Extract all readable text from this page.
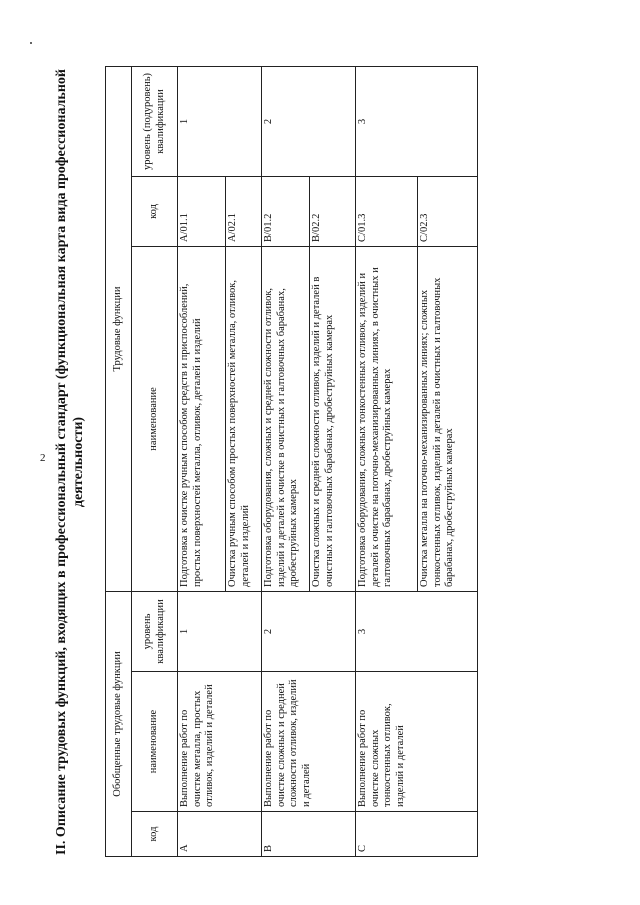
2 II. Описание трудовых функций, входящих в профессиональный стандарт (функциональная карта вида профессиональной деятельности)
Обобщенные трудовые функции			Трудовые функции		
код	наименование	уровень квалификации	наименование	код	уровень (подуровень) квалификации
A	Выполнение работ по очистке металла, простых отливок, изделий и деталей	1	Подготовка к очистке ручным способом средств и приспособлений, простых поверхностей металла, отливок, деталей и изделий	A/01.1	1
			Очистка ручным способом простых поверхностей металла, отливок, деталей и изделий	A/02.1	
B	Выполнение работ по очистке сложных и средней сложности отливок, изделий и деталей	2	Подготовка оборудования, сложных и средней сложности отливок, изделий и деталей к очистке в очистных и галтовочных барабанах, дробеструйных камерах	B/01.2	2
			Очистка сложных и средней сложности отливок, изделий и деталей в очистных и галтовочных барабанах, дробеструйных камерах	B/02.2	
C	Выполнение работ по очистке сложных тонкостенных отливок, изделий и деталей	3	Подготовка оборудования, сложных тонкостенных отливок, изделий и деталей к очистке на поточно-механизированных линиях, в очистных и галтовочных барабанах, дробеструйных камерах	C/01.3	3
			Очистка металла на поточно-механизированных линиях; сложных тонкостенных отливок, изделий и деталей в очистных и галтовочных барабанах, дробеструйных камерах	C/02.3	
